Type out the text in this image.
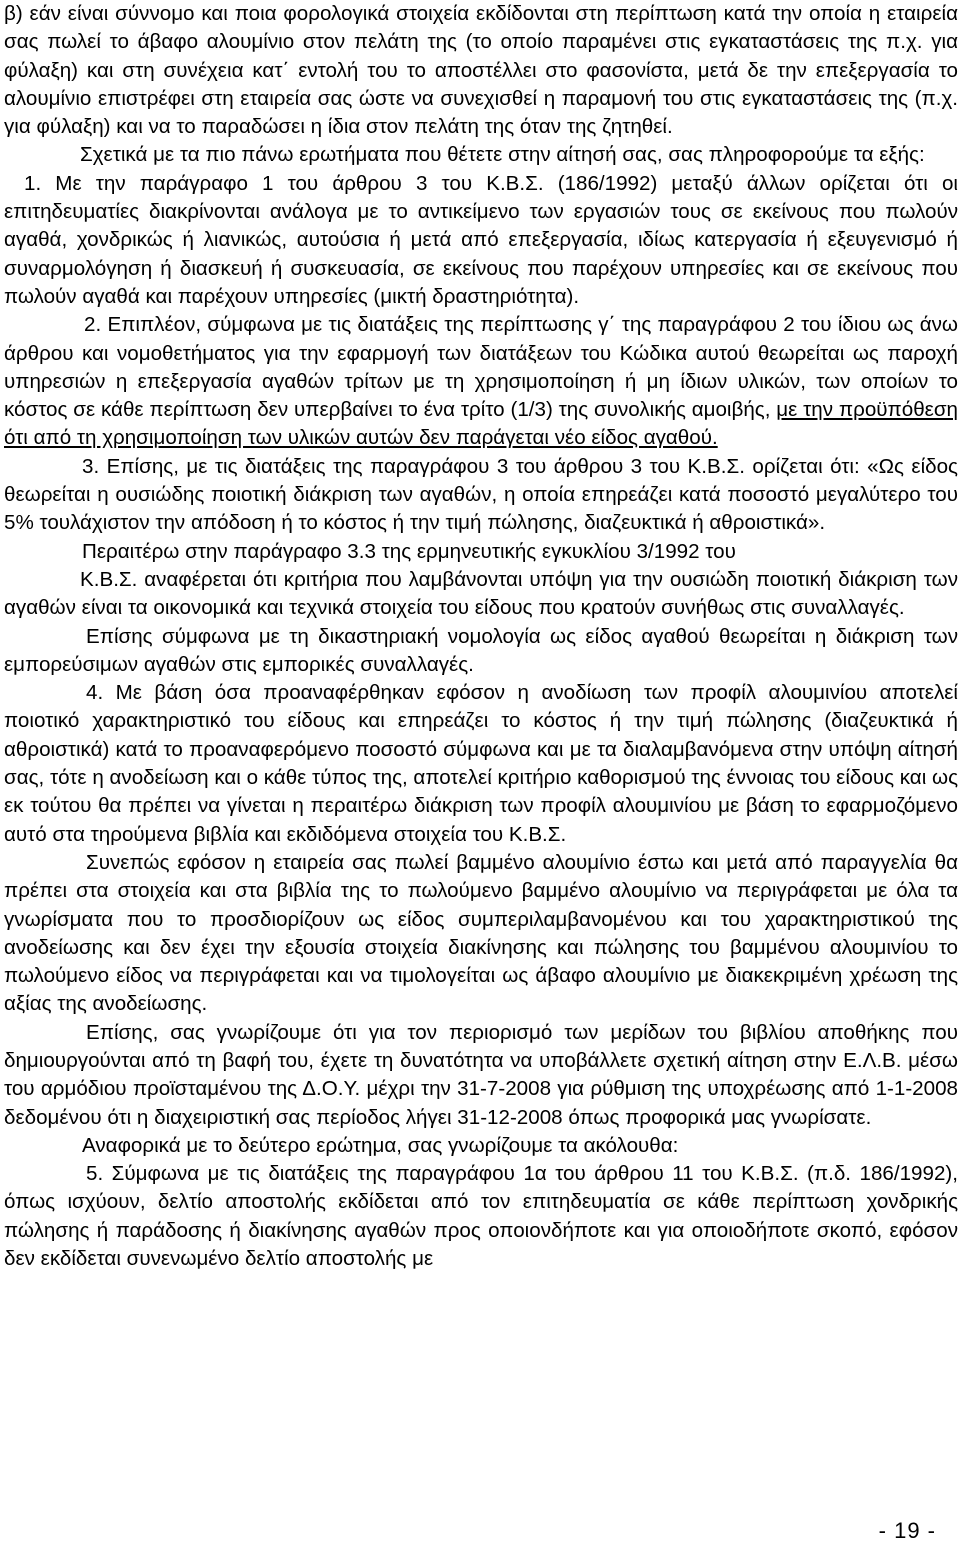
β) εάν είναι σύννομο και ποια φορολογικά στοιχεία εκδίδονται στη περίπτωση κατά την οποία η εταιρεία σας πωλεί το άβαφο αλουμίνιο στον πελάτη της (το οποίο παραμένει στις εγκαταστάσεις της π.χ. για φύλαξη) και στη συνέχεια κατ΄ εντολή του το αποστέλλει στο φασονίστα, μετά δε την επεξεργασία το αλουμίνιο επιστρέφει στη εταιρεία σας ώστε να συνεχισθεί η παραμονή του στις εγκαταστάσεις της (π.χ. για φύλαξη) και να το παραδώσει η ίδια στον πελάτη της όταν της ζητηθεί.

Σχετικά με τα πιο πάνω ερωτήματα που θέτετε στην αίτησή σας, σας πληροφορούμε τα εξής:

1. Με την παράγραφο 1 του άρθρου 3 του Κ.Β.Σ. (186/1992) μεταξύ άλλων ορίζεται ότι οι επιτηδευματίες διακρίνονται ανάλογα με το αντικείμενο των εργασιών τους σε εκείνους που πωλούν αγαθά, χονδρικώς ή λιανικώς, αυτούσια ή μετά από επεξεργασία, ιδίως κατεργασία ή εξευγενισμό ή συναρμολόγηση ή διασκευή ή συσκευασία, σε εκείνους που παρέχουν υπηρεσίες και σε εκείνους που πωλούν αγαθά και παρέχουν υπηρεσίες (μικτή δραστηριότητα).

2. Επιπλέον, σύμφωνα με τις διατάξεις της περίπτωσης γ΄ της παραγράφου 2 του ίδιου ως άνω άρθρου και νομοθετήματος για την εφαρμογή των διατάξεων του Κώδικα αυτού θεωρείται ως παροχή υπηρεσιών η επεξεργασία αγαθών τρίτων με τη χρησιμοποίηση ή μη ίδιων υλικών, των οποίων το κόστος σε κάθε περίπτωση δεν υπερβαίνει το ένα τρίτο (1/3) της συνολικής αμοιβής, με την προϋπόθεση ότι από τη χρησιμοποίηση των υλικών αυτών δεν παράγεται νέο είδος αγαθού.

3. Επίσης, με τις διατάξεις της παραγράφου 3 του άρθρου 3 του Κ.Β.Σ. ορίζεται ότι: «Ως είδος θεωρείται η ουσιώδης ποιοτική διάκριση των αγαθών, η οποία επηρεάζει κατά ποσοστό μεγαλύτερο του 5% τουλάχιστον την απόδοση ή το κόστος ή την τιμή πώλησης, διαζευκτικά ή αθροιστικά».

Περαιτέρω στην παράγραφο 3.3 της ερμηνευτικής εγκυκλίου 3/1992 του

Κ.Β.Σ. αναφέρεται ότι κριτήρια που λαμβάνονται υπόψη για την ουσιώδη ποιοτική διάκριση των αγαθών είναι τα οικονομικά και τεχνικά στοιχεία του είδους που κρατούν συνήθως στις συναλλαγές.

Επίσης σύμφωνα με τη δικαστηριακή νομολογία ως είδος αγαθού θεωρείται η διάκριση των εμπορεύσιμων αγαθών στις εμπορικές συναλλαγές.

4. Με βάση όσα προαναφέρθηκαν εφόσον η ανοδίωση των προφίλ αλουμινίου αποτελεί ποιοτικό χαρακτηριστικό του είδους και επηρεάζει το κόστος ή την τιμή πώλησης (διαζευκτικά ή αθροιστικά) κατά το προαναφερόμενο ποσοστό σύμφωνα και με τα διαλαμβανόμενα στην υπόψη αίτησή σας, τότε η ανοδείωση και ο κάθε τύπος της, αποτελεί κριτήριο καθορισμού της έννοιας του είδους και ως εκ τούτου θα πρέπει να γίνεται η περαιτέρω διάκριση των προφίλ αλουμινίου με βάση το εφαρμοζόμενο αυτό στα τηρούμενα βιβλία και εκδιδόμενα στοιχεία του Κ.Β.Σ.

Συνεπώς εφόσον η εταιρεία σας πωλεί βαμμένο αλουμίνιο έστω και μετά από παραγγελία θα πρέπει στα στοιχεία και στα βιβλία της το πωλούμενο βαμμένο αλουμίνιο να περιγράφεται με όλα τα γνωρίσματα που το προσδιορίζουν ως είδος συμπεριλαμβανομένου και του χαρακτηριστικού της ανοδείωσης και δεν έχει την εξουσία στοιχεία διακίνησης και πώλησης του βαμμένου αλουμινίου το πωλούμενο είδος να περιγράφεται και να τιμολογείται ως άβαφο αλουμίνιο με διακεκριμένη χρέωση της αξίας της ανοδείωσης.

Επίσης, σας γνωρίζουμε ότι για τον περιορισμό των μερίδων του βιβλίου αποθήκης που δημιουργούνται από τη βαφή του, έχετε τη δυνατότητα να υποβάλλετε σχετική αίτηση στην Ε.Λ.Β. μέσω του αρμόδιου προϊσταμένου της Δ.Ο.Υ. μέχρι την 31-7-2008 για ρύθμιση της υποχρέωσης από 1-1-2008 δεδομένου ότι η διαχειριστική σας περίοδος λήγει 31-12-2008 όπως προφορικά μας γνωρίσατε.

Αναφορικά με το δεύτερο ερώτημα, σας γνωρίζουμε τα ακόλουθα:

5. Σύμφωνα με τις διατάξεις της παραγράφου 1α του άρθρου 11 του Κ.Β.Σ. (π.δ. 186/1992), όπως ισχύουν, δελτίο αποστολής εκδίδεται από τον επιτηδευματία σε κάθε περίπτωση χονδρικής πώλησης ή παράδοσης ή διακίνησης αγαθών προς οποιονδήποτε και για οποιοδήποτε σκοπό, εφόσον δεν εκδίδεται συνενωμένο δελτίο αποστολής με

- 19 -
